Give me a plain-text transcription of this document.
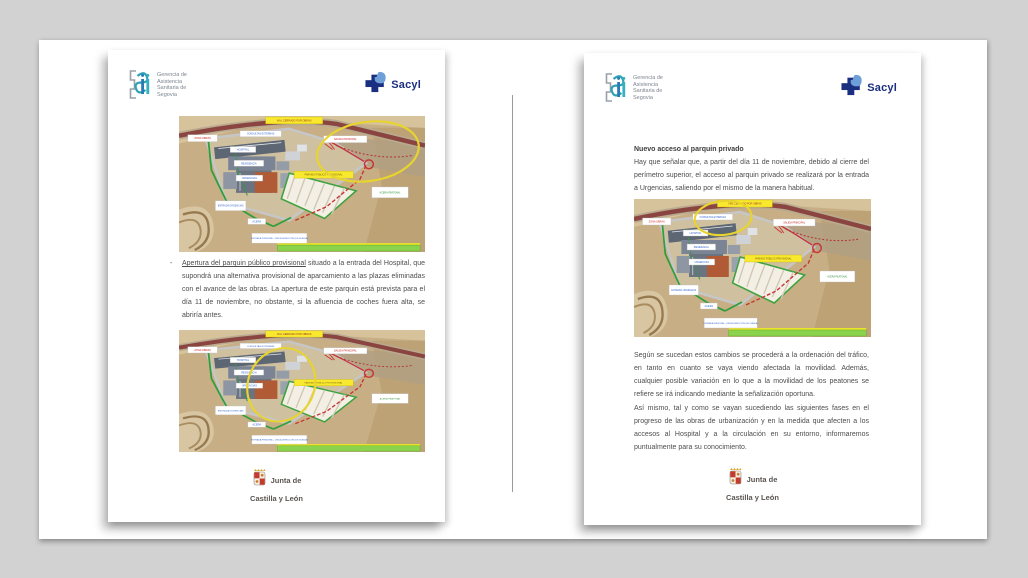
Gerencia de
Asistencia
Sanitaria de
Segovia
Sacyl
VIAL CERRADO POR OBRAS
ZONA OBRAS
CONSULTAS EXTERNAS
HOSPITAL
RESIDENCIA
URGENCIAS
SALIDA PRINCIPAL
PARKING PÚBLICO PROVISIONAL
ACERA PEATONAL
ENTRADA URGENCIAS
ACERA
ENTRADA PRINCIPAL - ÚNICA DIRECCIÓN (DE SUBIDA)
- Apertura del parquin público provisional situado a la entrada del Hospital, que supondrá una alternativa provisional de aparcamiento a las plazas eliminadas con el avance de las obras. La apertura de este parquin está prevista para el día 11 de noviembre, no obstante, si la afluencia de coches fuera alta, se abriría antes.
VIAL CERRADO POR OBRAS
ZONA OBRAS
CONSULTAS EXTERNAS
HOSPITAL
RESIDENCIA
URGENCIAS
SALIDA PRINCIPAL
PARKING PÚBLICO PROVISIONAL
ACERA PEATONAL
ENTRADA URGENCIAS
ACERA
ENTRADA PRINCIPAL - ÚNICA DIRECCIÓN (DE SUBIDA)
Junta de
Castilla y León
Gerencia de
Asistencia
Sanitaria de
Segovia
Sacyl
Nuevo acceso al parquin privado
Hay que señalar que, a partir del día 11 de noviembre, debido al cierre del perímetro superior, el acceso al parquin privado se realizará por la entrada a Urgencias, saliendo por el mismo de la manera habitual.
VIAL CERRADO POR OBRAS
ZONA OBRAS
CONSULTAS EXTERNAS
HOSPITAL
RESIDENCIA
URGENCIAS
SALIDA PRINCIPAL
PARKING PÚBLICO PROVISIONAL
ACERA PEATONAL
ENTRADA URGENCIAS
ACERA
ENTRADA PRINCIPAL - ÚNICA DIRECCIÓN (DE SUBIDA)
Según se sucedan estos cambios se procederá a la ordenación del tráfico, en tanto en cuanto se vaya viendo afectada la movilidad. Además, cualquier posible variación en lo que a la movilidad de los peatones se refiere se irá indicando mediante la señalización oportuna.
Así mismo, tal y como se vayan sucediendo las siguientes fases en el progreso de las obras de urbanización y en la medida que afecten a los accesos al Hospital y a la circulación en su entorno, informaremos puntualmente para su conocimiento.
Junta de
Castilla y León
